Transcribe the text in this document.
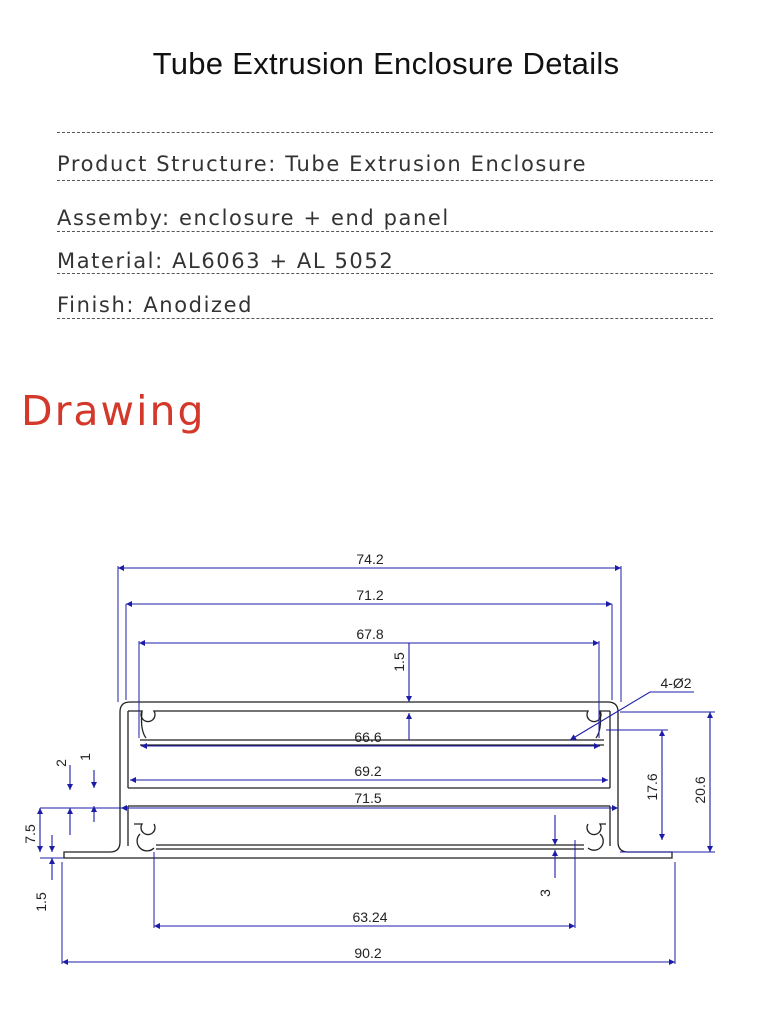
Tube Extrusion Enclosure Details
Product Structure: Tube Extrusion Enclosure
Assemby: enclosure + end panel
Material: AL6063 + AL 5052
Finish: Anodized
Drawing
74.2
71.2
67.8
1.5
4-Ø2
66.6
69.2
71.5	17.6 20.6
2
1
7.5
1.5	3
63.24
90.2
